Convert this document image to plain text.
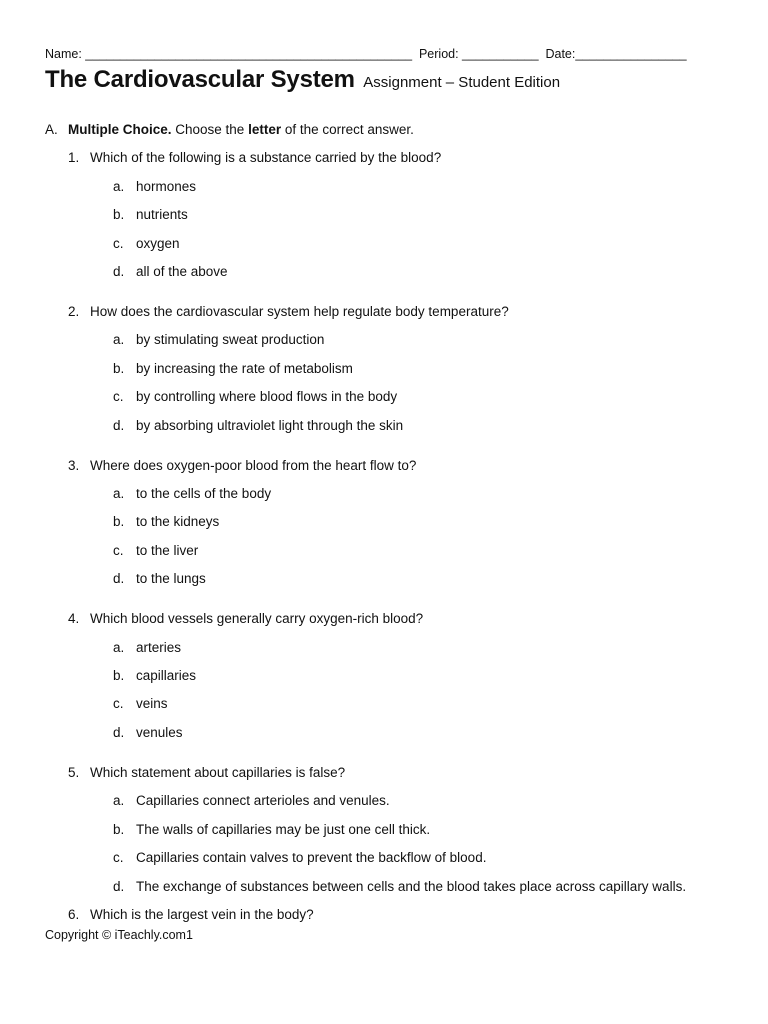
Name: _______________________________________________  Period: ___________  Date:________________
The Cardiovascular System Assignment – Student Edition
A. Multiple Choice. Choose the letter of the correct answer.
1. Which of the following is a substance carried by the blood?
a. hormones
b. nutrients
c. oxygen
d. all of the above
2. How does the cardiovascular system help regulate body temperature?
a. by stimulating sweat production
b. by increasing the rate of metabolism
c. by controlling where blood flows in the body
d. by absorbing ultraviolet light through the skin
3. Where does oxygen-poor blood from the heart flow to?
a. to the cells of the body
b. to the kidneys
c. to the liver
d. to the lungs
4. Which blood vessels generally carry oxygen-rich blood?
a. arteries
b. capillaries
c. veins
d. venules
5. Which statement about capillaries is false?
a. Capillaries connect arterioles and venules.
b. The walls of capillaries may be just one cell thick.
c. Capillaries contain valves to prevent the backflow of blood.
d. The exchange of substances between cells and the blood takes place across capillary walls.
6. Which is the largest vein in the body?
Copyright © iTeachly.com1
